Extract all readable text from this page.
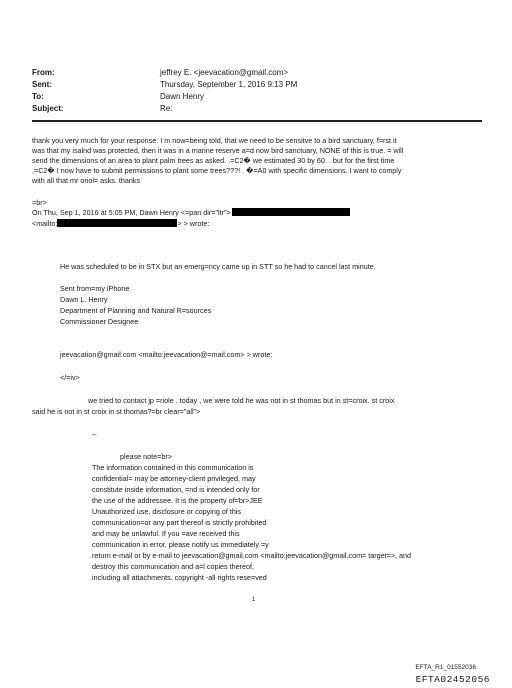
From:	jeffrey E. <jeevacation@gmail.com>
Sent:	Thursday, September 1, 2016 9:13 PM
To:	Dawn Henry
Subject:	Re:
thank you very much for your response. I m now=being told, that we need to be sensitve to a bird sanctuary, f=rst it
was that my isalnd was protected, then it was in a marine reserve a=d now bird sanctuary, NONE of this is true. = will
send the dimensions of an area to plant palm trees as asked. .=C2� we estimated 30 by 60. . but for the first time
,=C2� I now have to submit permissions to plant some trees???! . �=A0 with specific dimensions. I want to comply
with all that mr oriol= asks. thanks
=br>
On Thu, Sep 1, 2016 at 5:05 PM, Dawn Henry <=pan dir="ltr">
<mailto:	> > wrote:
He was scheduled to be in STX but an emerg=ncy came up in STT so he had to cancel last minute.
Sent from=my iPhone
Dawn L. Henry
Department of Planning and Natural R=sources
Commissioner Designee
jeevacation@gmail.com <mailto:jeevacation@=mail.com> > wrote:
</=iv>
we tried to contact jp =riole . today , we were told he was not in st thomas but in st=croix. st croix
said he is not in st croix in st thomas?=br clear="all">
--
please note=br>
The information contained in this communication is
confidential= may be attorney-client privileged, may
constitute inside information, =nd is intended only for
the use of the addressee. It is the property of=br>JEE
Unauthorized use, disclosure or copying of this
communication=or any part thereof is strictly prohibited
and may be unlawful. If you =ave received this
communication in error, please notify us immediately =y
return e-mail or by e-mail to jeevacation@gmail.com <mailto:jeevacation@gmail.com= target=>, and
destroy this communication and a=l copies thereof,
including all attachments. copyright -all rights rese=ved
1
EFTA_R1_01552036
EFTA02452056
